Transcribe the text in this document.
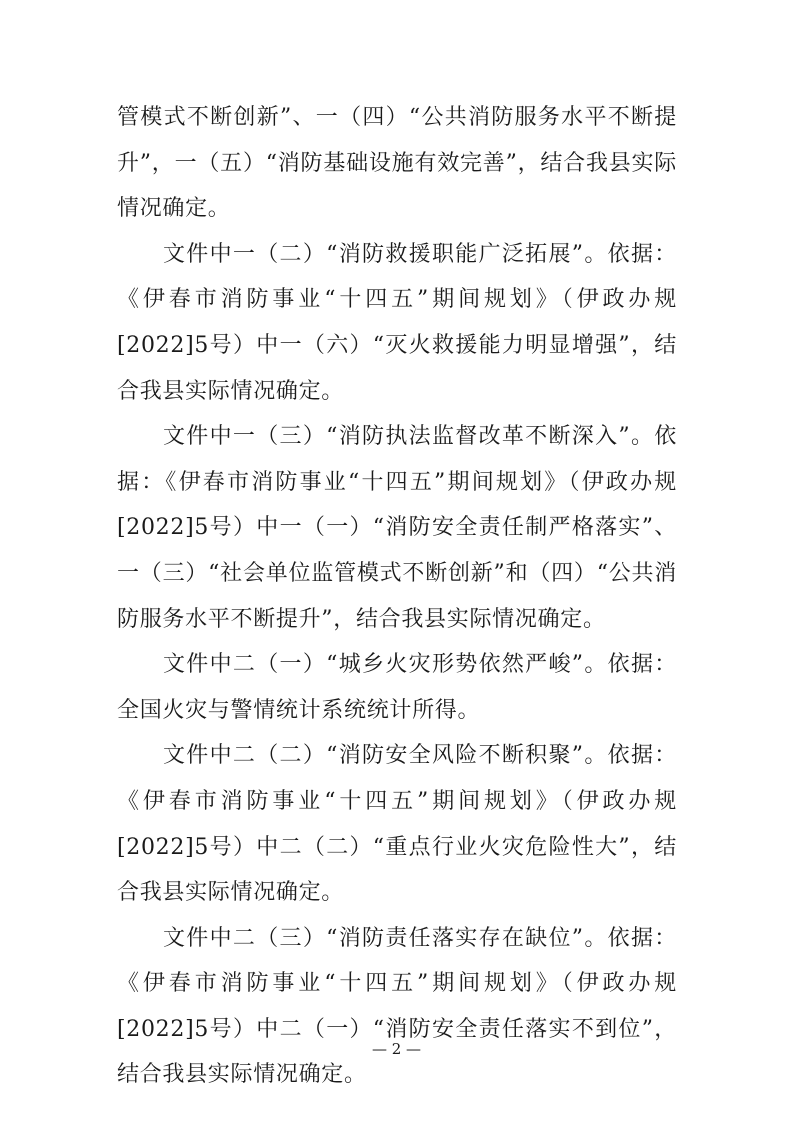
管模式不断创新”、一（四）“公共消防服务水平不断提升”，一（五）“消防基础设施有效完善”，结合我县实际情况确定。

文件中一（二）“消防救援职能广泛拓展”。依据：《伊春市消防事业“十四五”期间规划》（伊政办规[2022]5号）中一（六）“灭火救援能力明显增强”，结合我县实际情况确定。

文件中一（三）“消防执法监督改革不断深入”。依据：《伊春市消防事业“十四五”期间规划》（伊政办规[2022]5号）中一（一）“消防安全责任制严格落实”、一（三）“社会单位监管模式不断创新”和（四）“公共消防服务水平不断提升”，结合我县实际情况确定。

文件中二（一）“城乡火灾形势依然严峻”。依据：全国火灾与警情统计系统统计所得。

文件中二（二）“消防安全风险不断积聚”。依据：《伊春市消防事业“十四五”期间规划》（伊政办规[2022]5号）中二（二）“重点行业火灾危险性大”，结合我县实际情况确定。

文件中二（三）“消防责任落实存在缺位”。依据：《伊春市消防事业“十四五”期间规划》（伊政办规[2022]5号）中二（一）“消防安全责任落实不到位”，结合我县实际情况确定。

— 2 —
